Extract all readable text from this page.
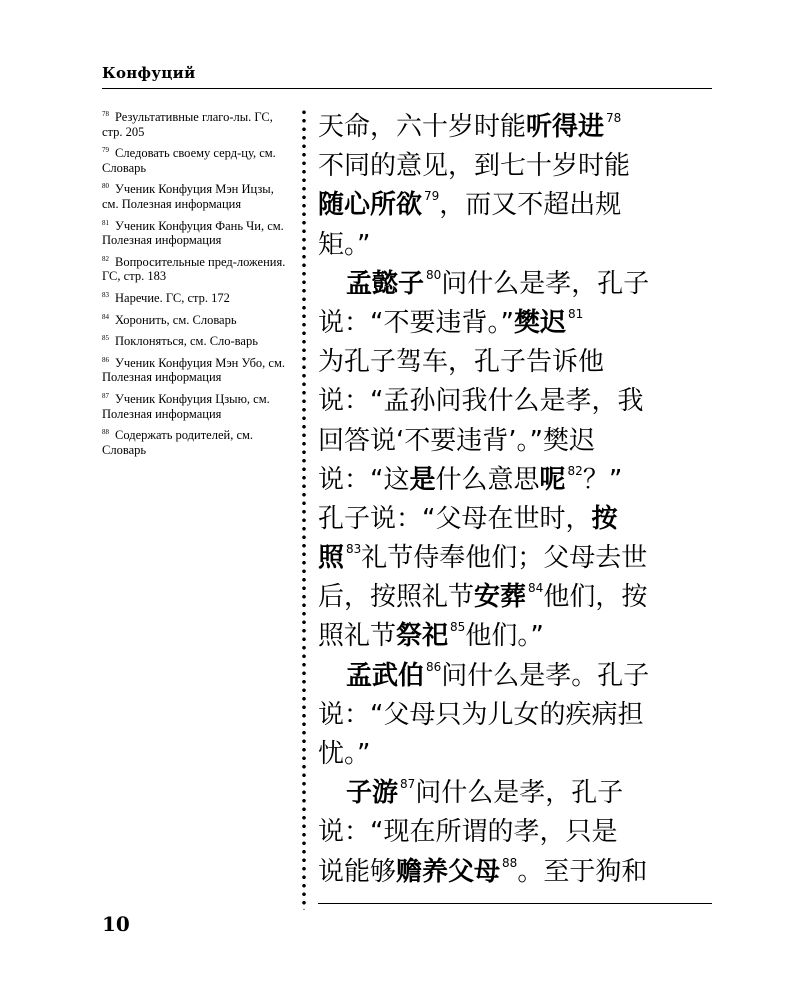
Конфуций
$^{78}$ Результативные глаго-лы. ГС, стр. 205
$^{79}$ Следовать своему серд-цу, см. Словарь
$^{80}$ Ученик Конфуция Мэн Ицзы, см. Полезная информация
$^{81}$ Ученик Конфуция Фань Чи, см. Полезная информация
$^{82}$ Вопросительные пред-ложения. ГС, стр. 183
$^{83}$ Наречие. ГС, стр. 172
$^{84}$ Хоронить, см. Словарь
$^{85}$ Поклоняться, см. Сло-варь
$^{86}$ Ученик Конфуция Мэн Убо, см. Полезная информация
$^{87}$ Ученик Конфуция Цзыю, см. Полезная информация
$^{88}$ Содержать родителей, см. Словарь
天命，六十岁时能听得进 $^{78}$
不同的意见，到七十岁时能
随心所欲 $^{79}$，而又不超出规
矩。”
孟懿子 $^{80}$问什么是孝，孔子
说：“不要违背。”樊迟 $^{81}$
为孔子驾车，孔子告诉他
说：“孟孙问我什么是孝，我
回答说‘不要违背’。”樊迟
说：“这是什么意思呢 $^{82}$？”
孔子说：“父母在世时，按
照 $^{83}$礼节侍奉他们；父母去世
后，按照礼节安葬 $^{84}$他们，按
照礼节祭祀 $^{85}$他们。”
孟武伯 $^{86}$问什么是孝。孔子
说：“父母只为儿女的疾病担
忧。”
子游 $^{87}$问什么是孝，孔子
说：“现在所谓的孝，只是
说能够赡养父母 $^{88}$。至于狗和
10
